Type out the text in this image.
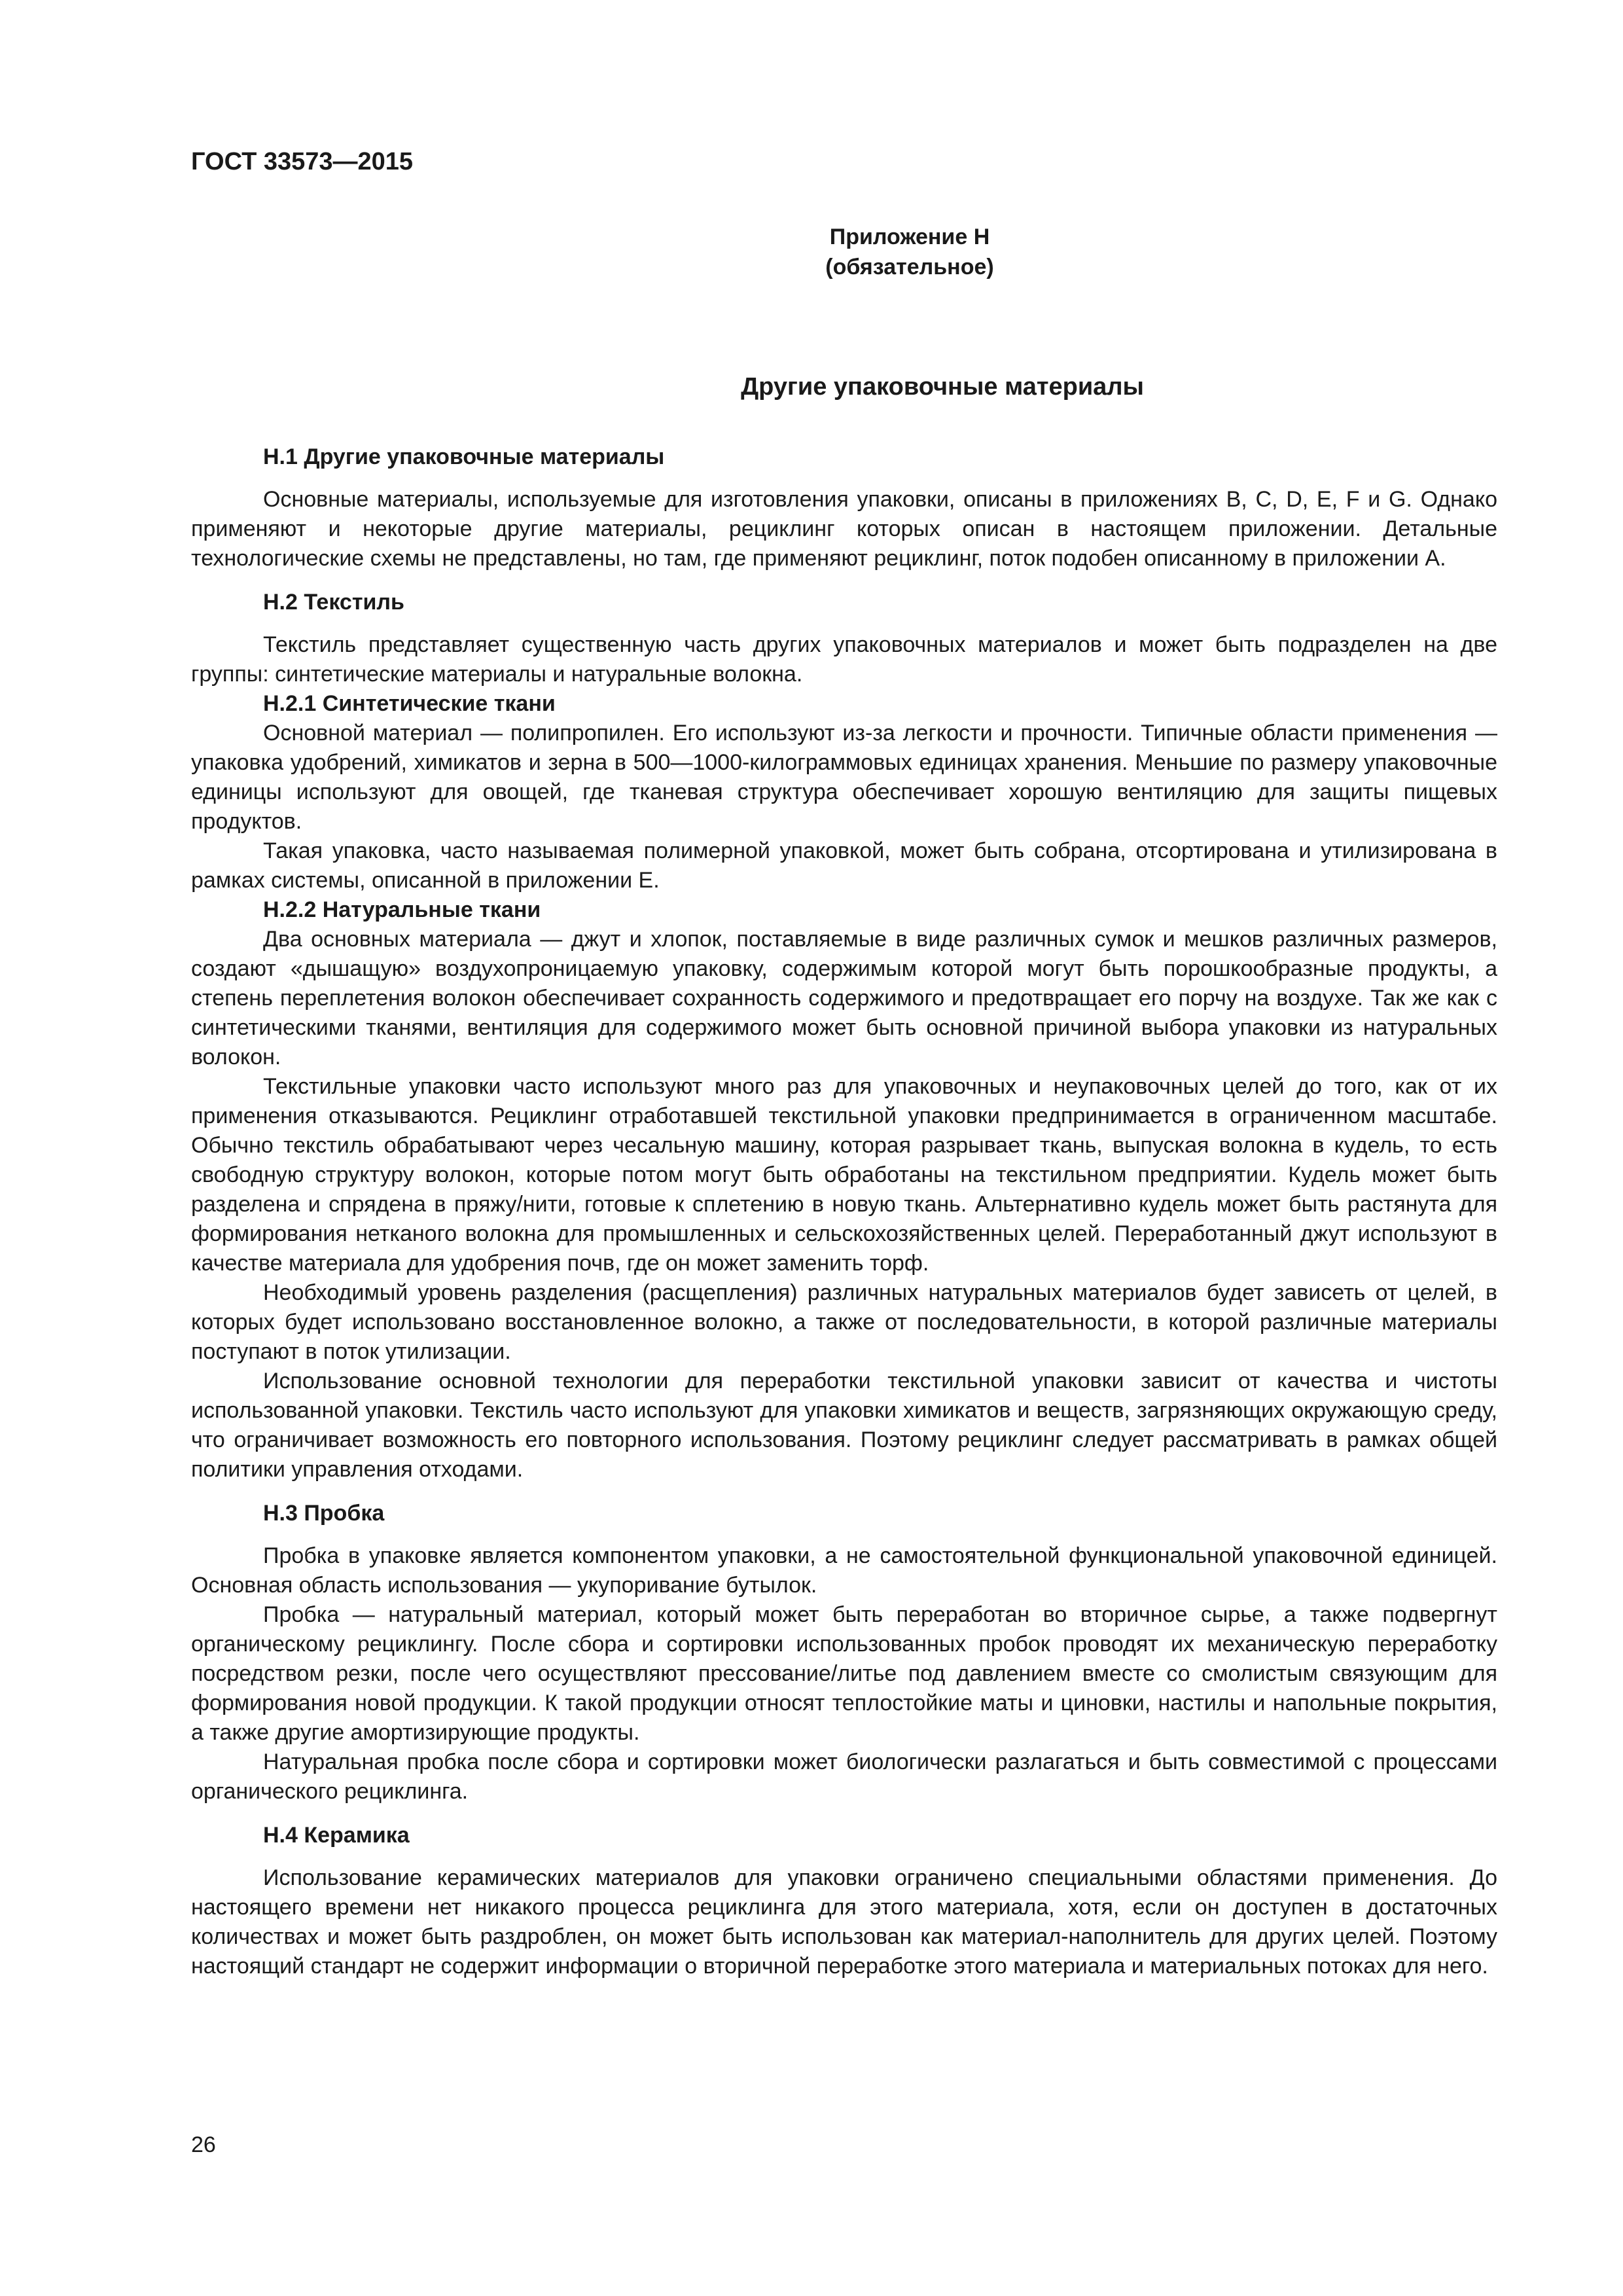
ГОСТ 33573—2015
Приложение Н
(обязательное)
Другие упаковочные материалы

Н.1 Другие упаковочные материалы

Основные материалы, используемые для изготовления упаковки, описаны в приложениях В, С, D, Е, F и G. Однако применяют и некоторые другие материалы, рециклинг которых описан в настоящем приложении. Детальные технологические схемы не представлены, но там, где применяют рециклинг, поток подобен описанному в приложении А.

Н.2 Текстиль

Текстиль представляет существенную часть других упаковочных материалов и может быть подразделен на две группы: синтетические материалы и натуральные волокна.

Н.2.1 Синтетические ткани

Основной материал — полипропилен. Его используют из-за легкости и прочности. Типичные области применения — упаковка удобрений, химикатов и зерна в 500—1000-килограммовых единицах хранения. Меньшие по размеру упаковочные единицы используют для овощей, где тканевая структура обеспечивает хорошую вентиляцию для защиты пищевых продуктов.

Такая упаковка, часто называемая полимерной упаковкой, может быть собрана, отсортирована и утилизирована в рамках системы, описанной в приложении Е.

Н.2.2 Натуральные ткани

Два основных материала — джут и хлопок, поставляемые в виде различных сумок и мешков различных размеров, создают «дышащую» воздухопроницаемую упаковку, содержимым которой могут быть порошкообразные продукты, а степень переплетения волокон обеспечивает сохранность содержимого и предотвращает его порчу на воздухе. Так же как с синтетическими тканями, вентиляция для содержимого может быть основной причиной выбора упаковки из натуральных волокон.

Текстильные упаковки часто используют много раз для упаковочных и неупаковочных целей до того, как от их применения отказываются. Рециклинг отработавшей текстильной упаковки предпринимается в ограниченном масштабе. Обычно текстиль обрабатывают через чесальную машину, которая разрывает ткань, выпуская волокна в кудель, то есть свободную структуру волокон, которые потом могут быть обработаны на текстильном предприятии. Кудель может быть разделена и спрядена в пряжу/нити, готовые к сплетению в новую ткань. Альтернативно кудель может быть растянута для формирования нетканого волокна для промышленных и сельскохозяйственных целей. Переработанный джут используют в качестве материала для удобрения почв, где он может заменить торф.

Необходимый уровень разделения (расщепления) различных натуральных материалов будет зависеть от целей, в которых будет использовано восстановленное волокно, а также от последовательности, в которой различные материалы поступают в поток утилизации.

Использование основной технологии для переработки текстильной упаковки зависит от качества и чистоты использованной упаковки. Текстиль часто используют для упаковки химикатов и веществ, загрязняющих окружающую среду, что ограничивает возможность его повторного использования. Поэтому рециклинг следует рассматривать в рамках общей политики управления отходами.

Н.3 Пробка

Пробка в упаковке является компонентом упаковки, а не самостоятельной функциональной упаковочной единицей. Основная область использования — укупоривание бутылок.

Пробка — натуральный материал, который может быть переработан во вторичное сырье, а также подвергнут органическому рециклингу. После сбора и сортировки использованных пробок проводят их механическую переработку посредством резки, после чего осуществляют прессование/литье под давлением вместе со смолистым связующим для формирования новой продукции. К такой продукции относят теплостойкие маты и циновки, настилы и напольные покрытия, а также другие амортизирующие продукты.

Натуральная пробка после сбора и сортировки может биологически разлагаться и быть совместимой с процессами органического рециклинга.

Н.4 Керамика

Использование керамических материалов для упаковки ограничено специальными областями применения. До настоящего времени нет никакого процесса рециклинга для этого материала, хотя, если он доступен в достаточных количествах и может быть раздроблен, он может быть использован как материал-наполнитель для других целей. Поэтому настоящий стандарт не содержит информации о вторичной переработке этого материала и материальных потоках для него.

26
